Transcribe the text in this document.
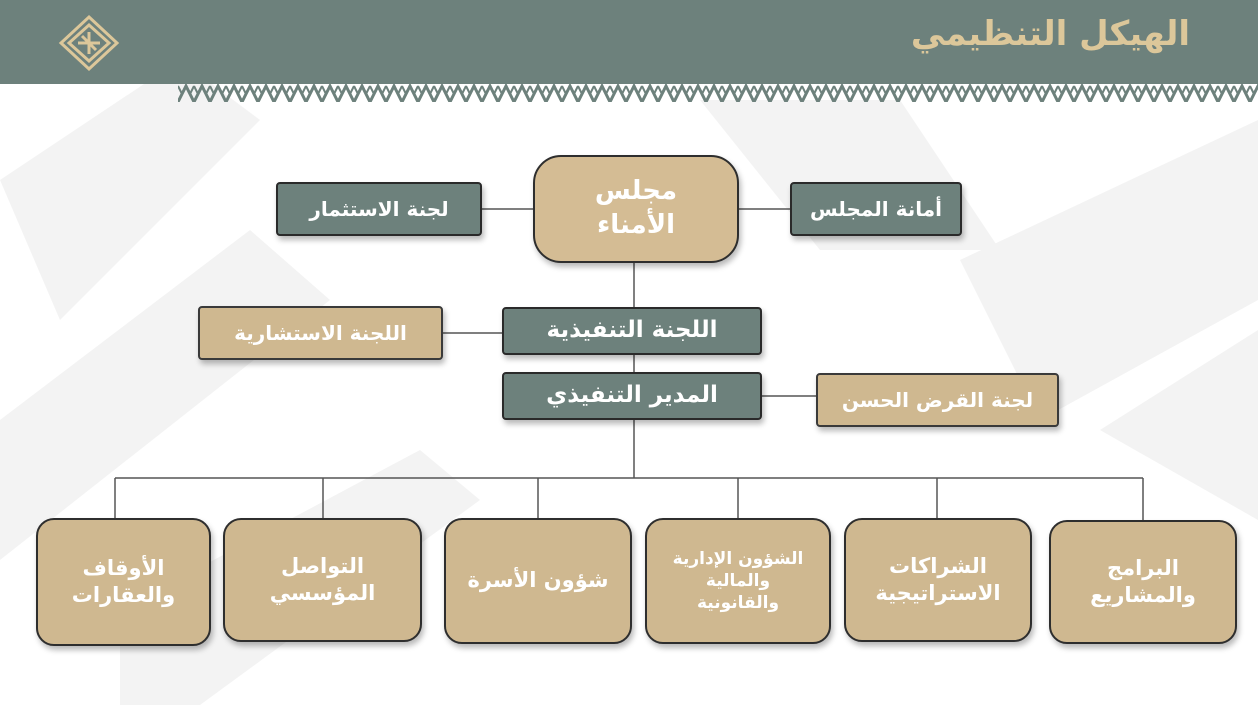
الهيكل التنظيمي
مجلس الأمناء
لجنة الاستثمار	أمانة المجلس
اللجنة التنفيذية
اللجنة الاستشارية
المدير التنفيذي	لجنة القرض الحسن
البرامج والمشاريع
الشراكات الاستراتيجية
الشؤون الإدارية والمالية والقانونية
شؤون الأسرة
التواصل المؤسسي
الأوقاف والعقارات
